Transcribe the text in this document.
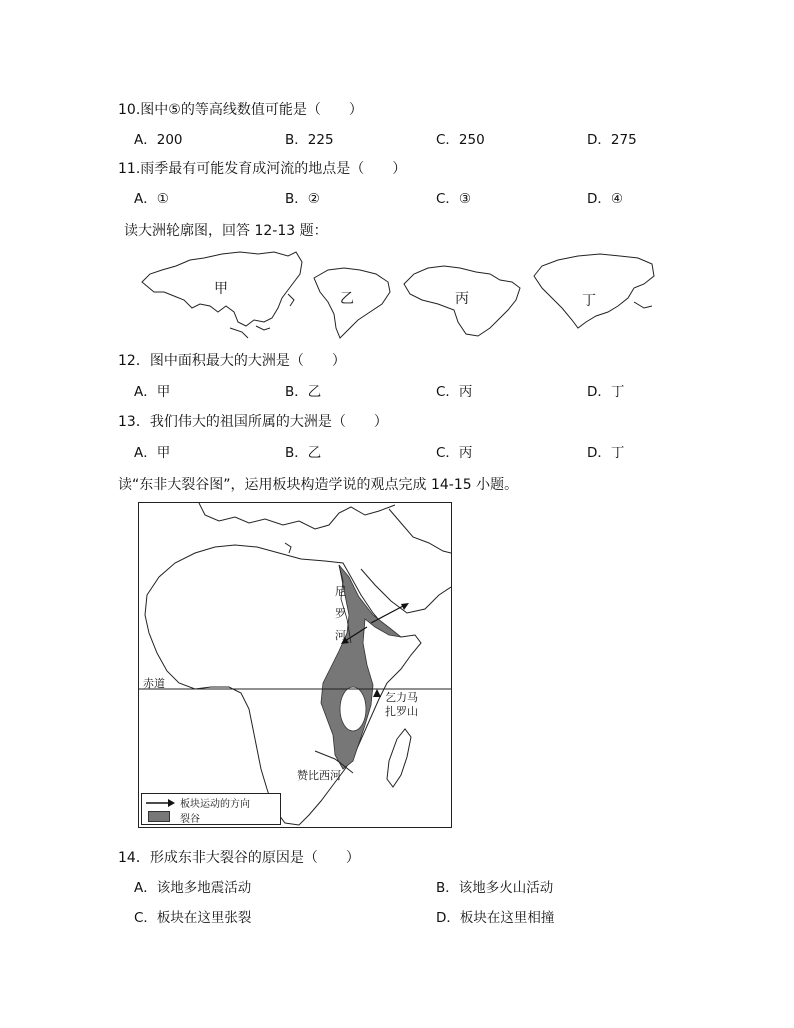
10.图中⑤的等高线数值可能是（　　）
A．200	B．225	C．250	D．275
11.雨季最有可能发育成河流的地点是（　　）
A．①	B．②	C．③	D．④
读大洲轮廓图，回答 12-13 题：
甲
乙	丙	丁
12．图中面积最大的大洲是（　　）
A．甲	B．乙	C．丙	D．丁
13．我们伟大的祖国所属的大洲是（　　）
A．甲	B．乙	C．丙	D．丁
读“东非大裂谷图”，运用板块构造学说的观点完成 14-15 小题。
尼
罗
河
赤道
乞力马
扎罗山
赞比西河
板块运动的方向
裂谷
14．形成东非大裂谷的原因是（　　）
A．该地多地震活动	B．该地多火山活动
C．板块在这里张裂	D．板块在这里相撞
